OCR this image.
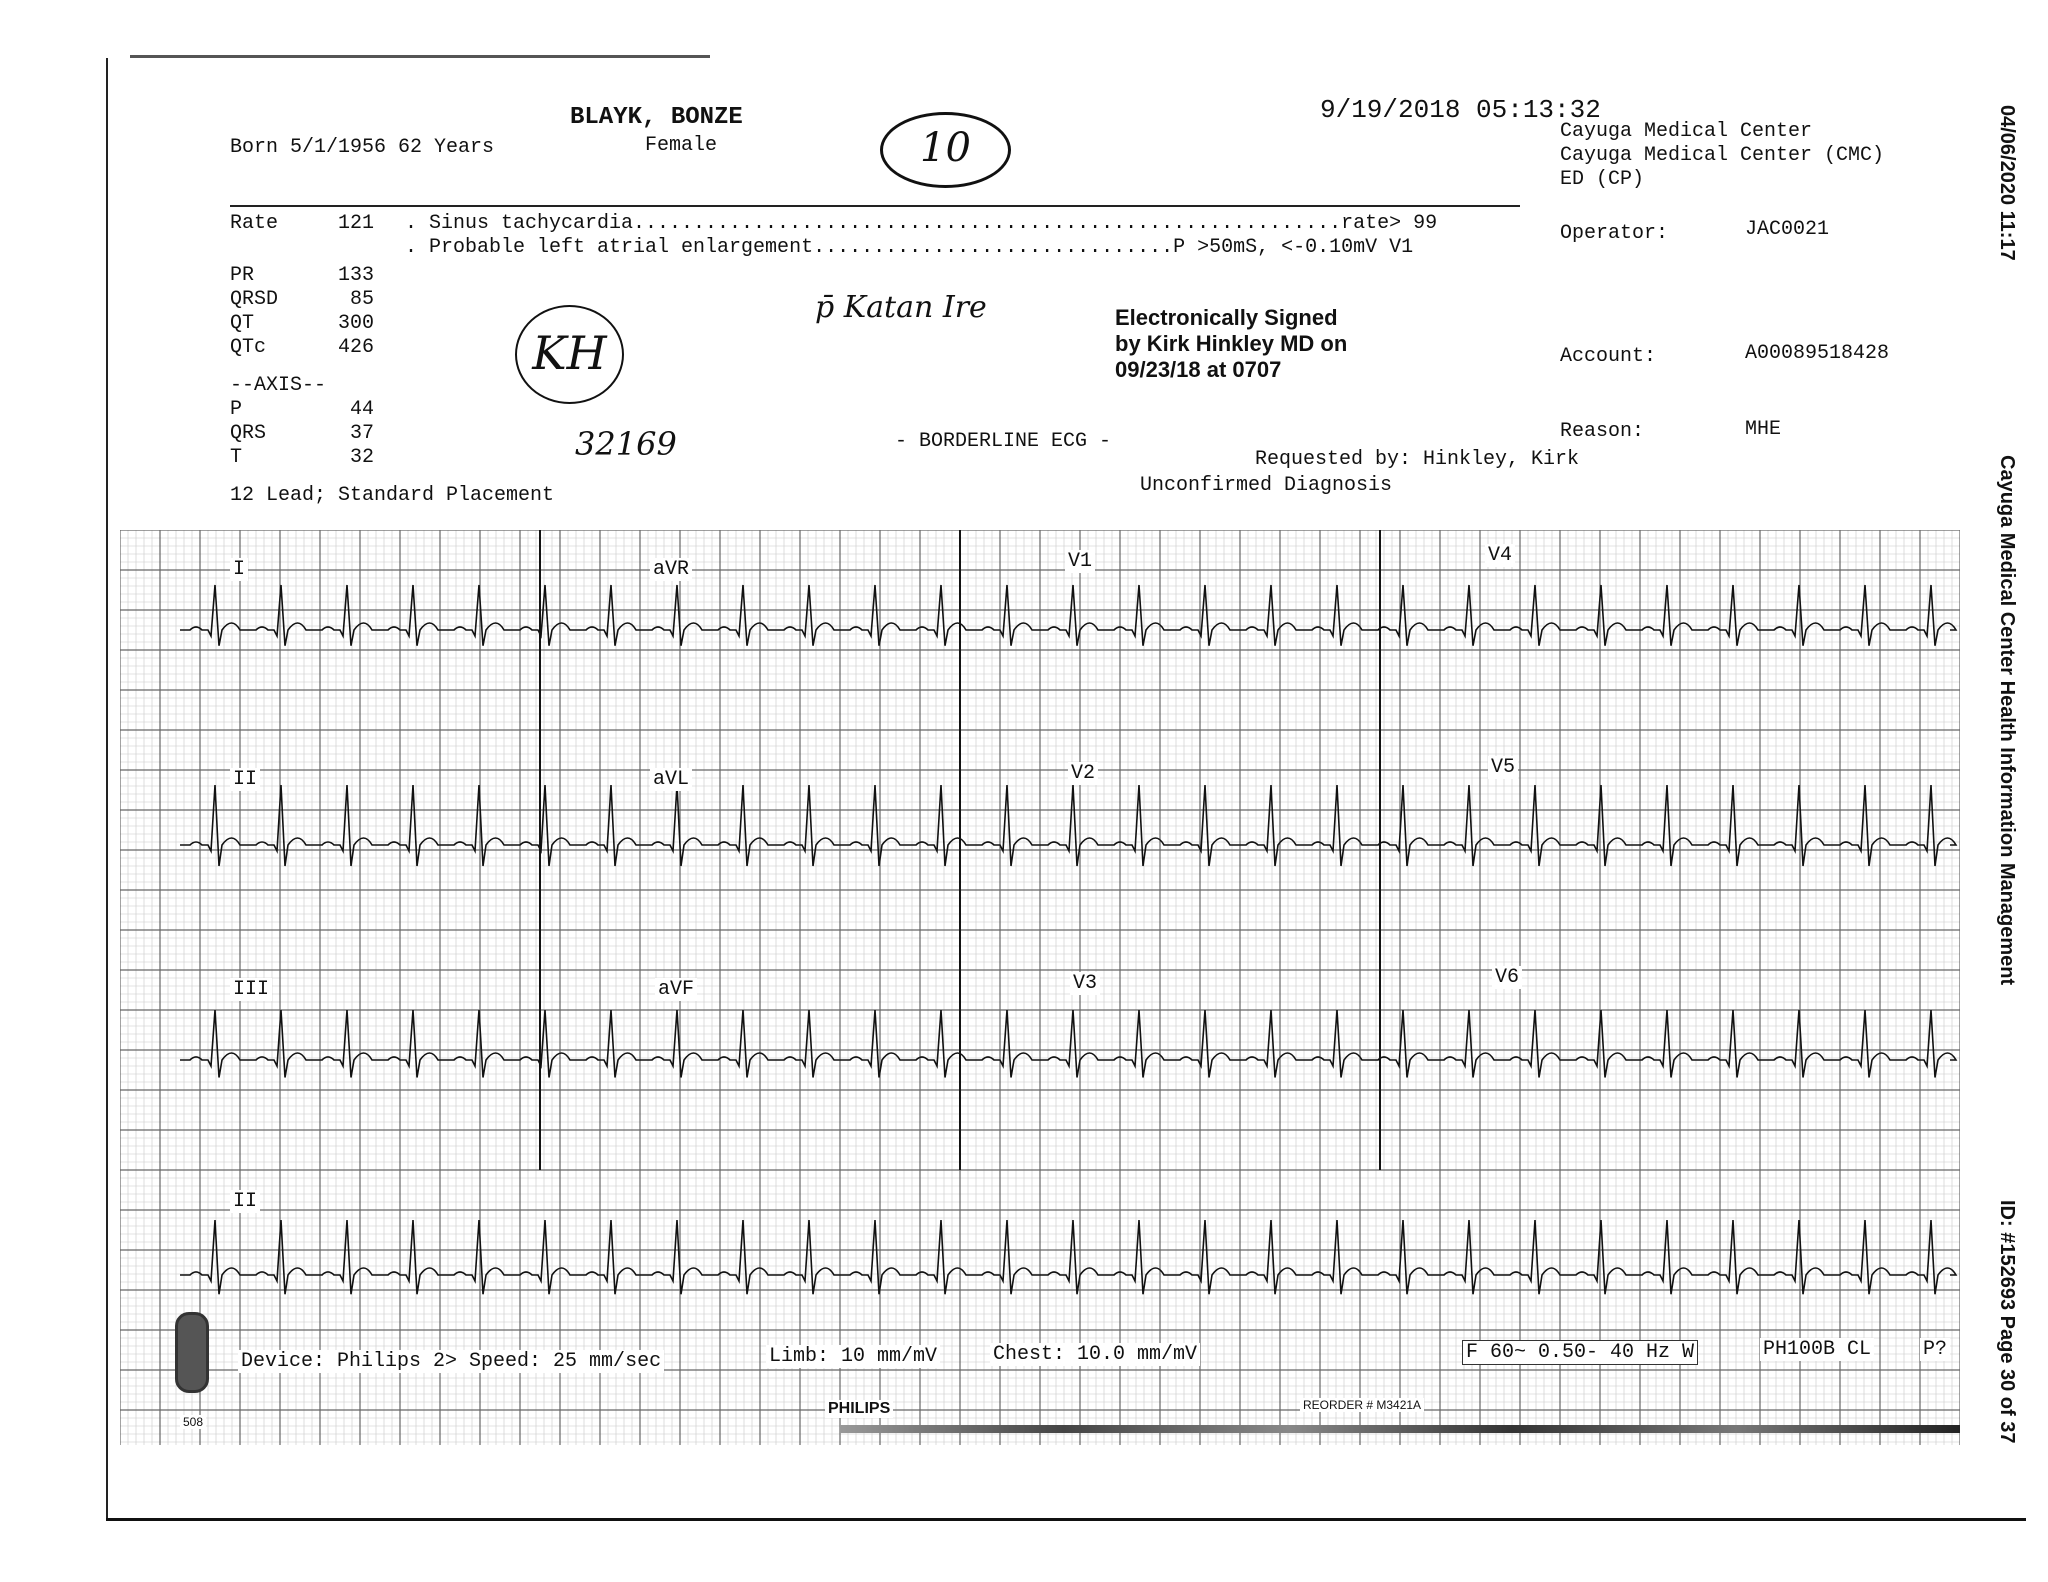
BLAYK, BONZE
Born 5/1/1956 62 Years	Female	10
9/19/2018 05:13:32
Cayuga Medical Center
Cayuga Medical Center (CMC)
ED (CP)
Rate	121
PR	133
QRSD	85
QT	300
QTc	426
--AXIS--
P	44
QRS	37
T	32
12 Lead; Standard Placement
. Sinus tachycardia...........................................................rate> 99
. Probable left atrial enlargement..............................P >50mS, <-0.10mV V1
- BORDERLINE ECG -
KH
32169
p̄ Katan Ire	Electronically Signed
by Kirk Hinkley MD on
09/23/18 at 0707
Requested by: Hinkley, Kirk
Unconfirmed Diagnosis
Operator:	JAC0021
Account:	A00089518428
Reason:	MHE
I	aVR	V1	V4
II	aVL	V2	V5
III	aVF	V3	V6
II
Device: Philips 2> Speed: 25 mm/sec	Limb: 10 mm/mV	Chest: 10.0 mm/mV	F 60~ 0.50- 40 Hz W	PH100B CL	P?
PHILIPS	REORDER # M3421A
508
04/06/2020 11:17
Cayuga Medical Center Health Information Management
ID: #152693 Page 30 of 37
